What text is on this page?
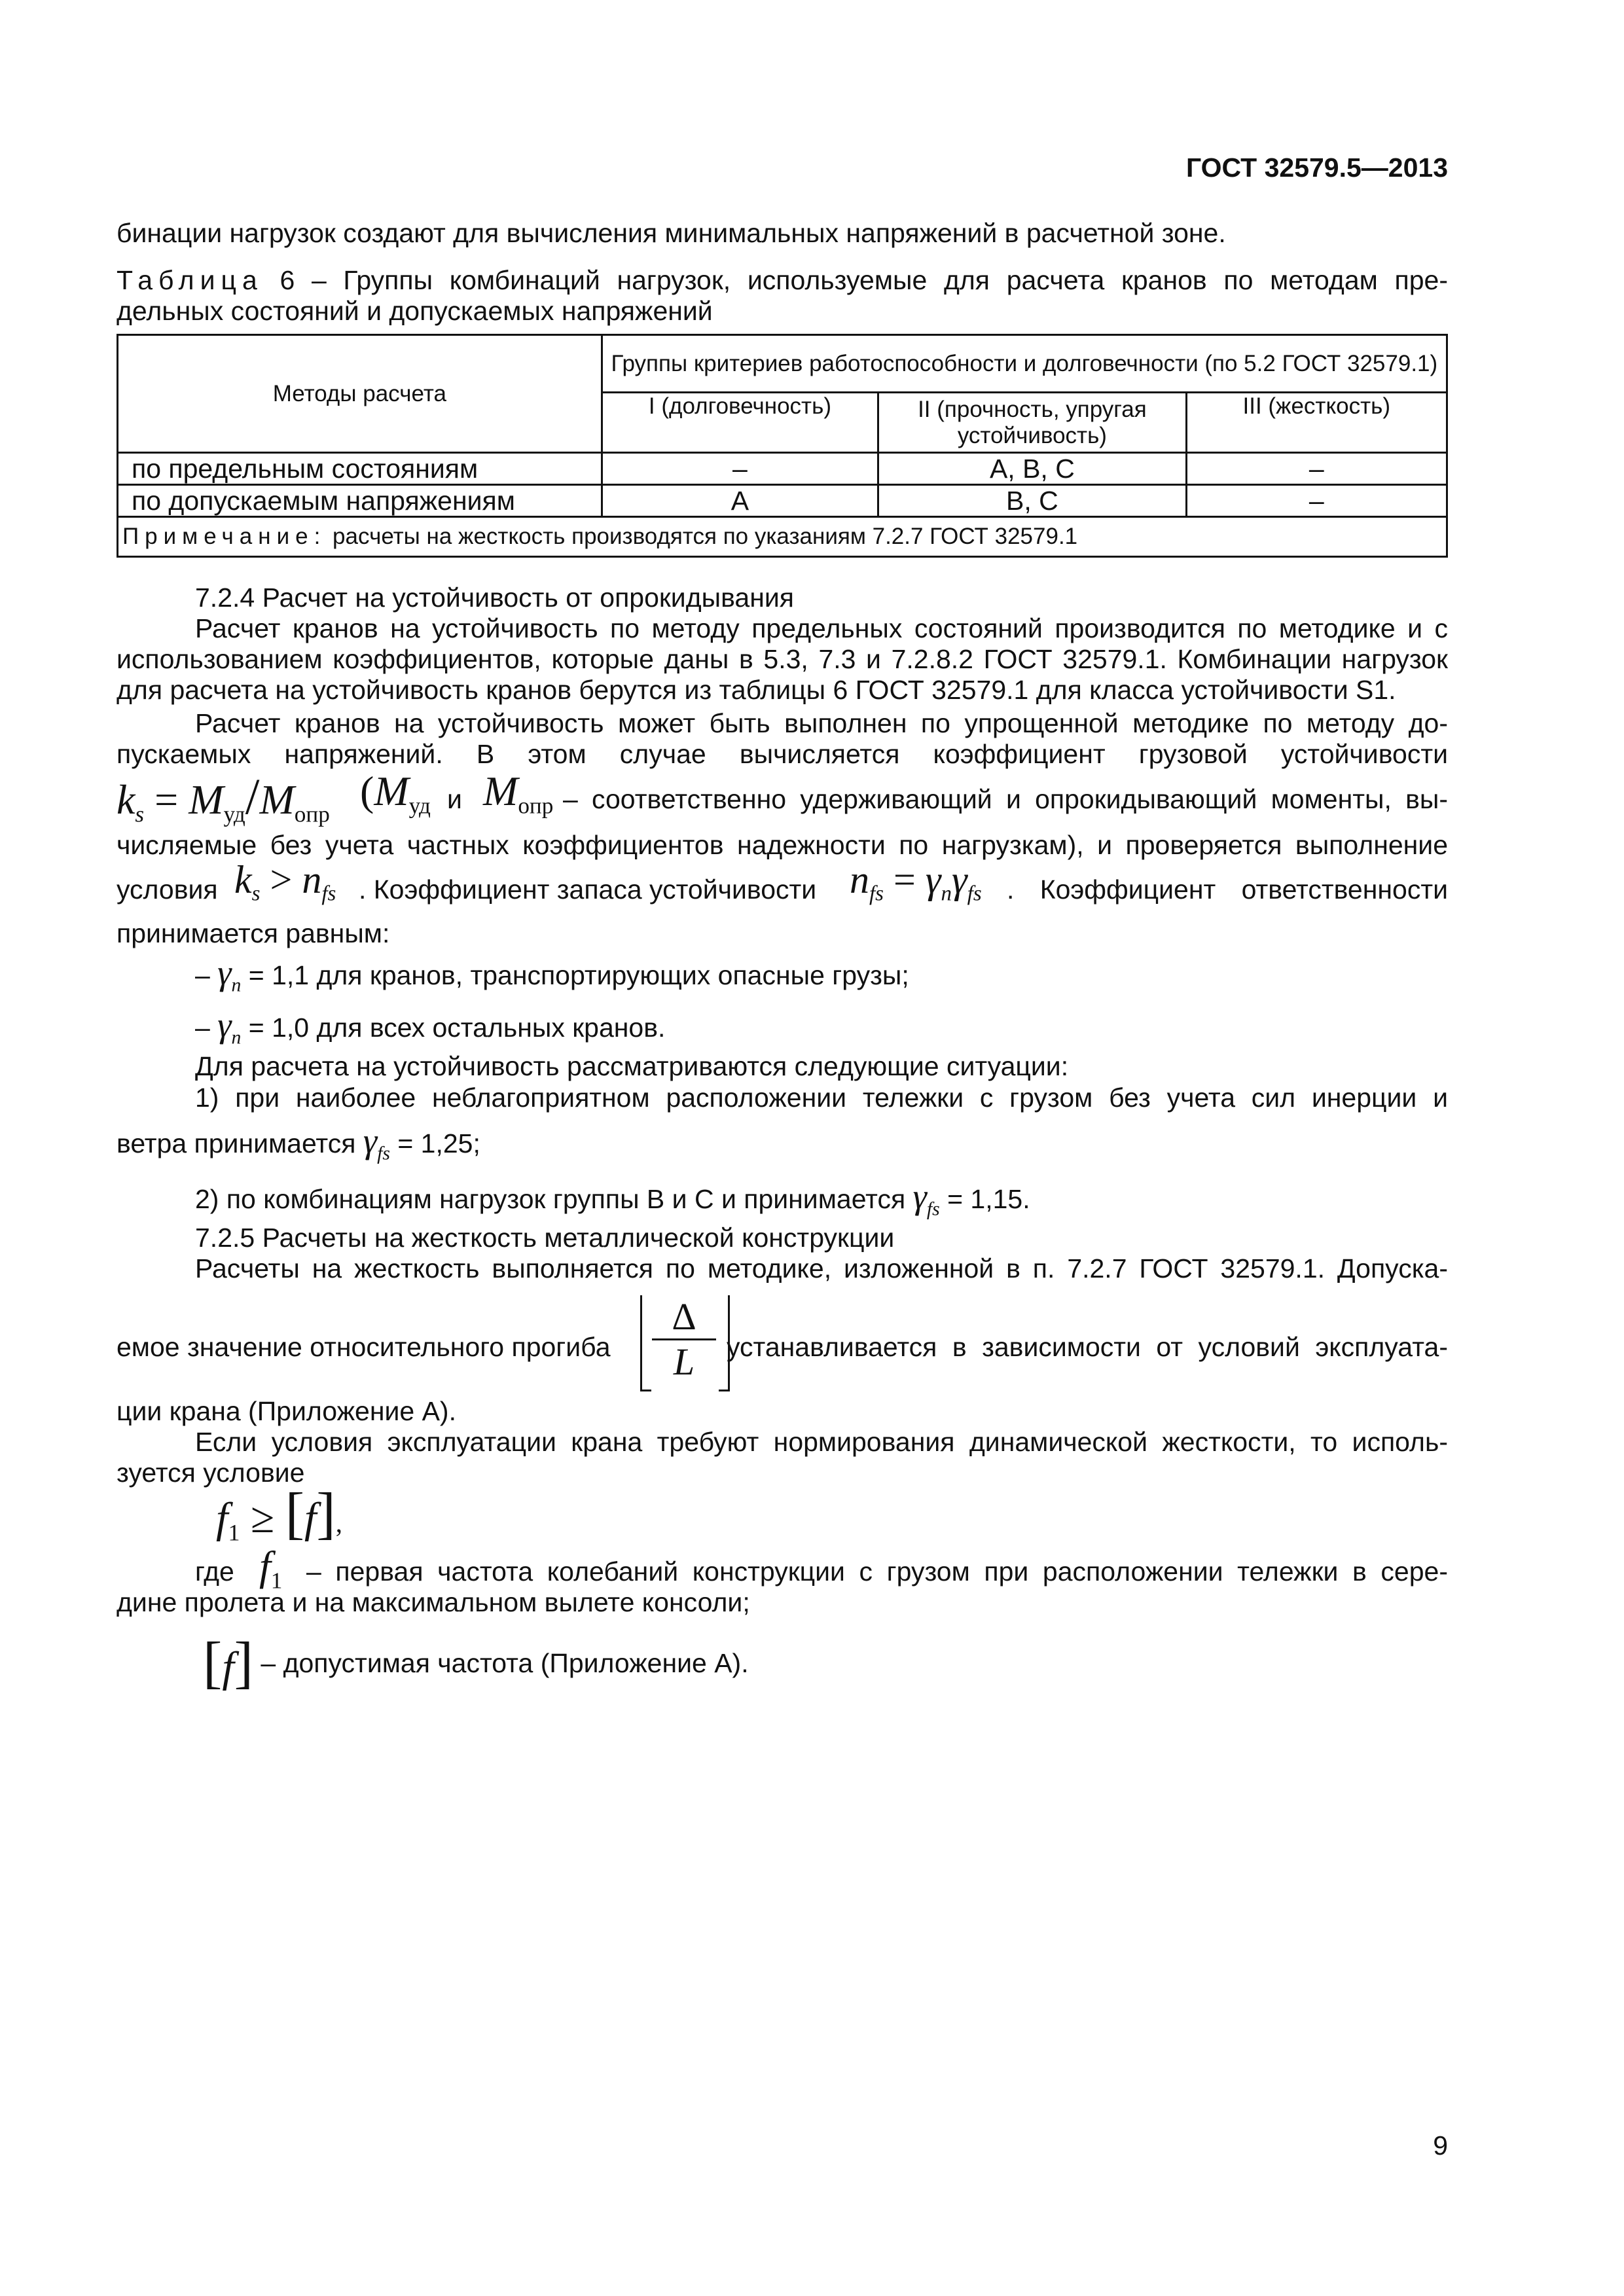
ГОСТ 32579.5—2013
бинации нагрузок создают для вычисления минимальных напряжений в расчетной зоне.
Таблица 6 – Группы комбинаций нагрузок, используемые для расчета кранов по методам пре-
дельных состояний и допускаемых напряжений
Методы расчета	Группы критериев работоспособности и долговечности (по 5.2 ГОСТ 32579.1)		
	I (долговечность)	II (прочность, упругая устойчивость)	III (жесткость)
по предельным состояниям	–	А, В, С	–
по допускаемым напряжениям	А	В, С	–
Примечание: расчеты на жесткость производятся по указаниям 7.2.7 ГОСТ 32579.1			
7.2.4 Расчет на устойчивость от опрокидывания
Расчет кранов на устойчивость по методу предельных состояний производится по методике и с
использованием коэффициентов, которые даны в 5.3, 7.3 и 7.2.8.2 ГОСТ 32579.1. Комбинации нагрузок
для расчета на устойчивость кранов берутся из таблицы 6 ГОСТ 32579.1 для класса устойчивости S1.
Расчет кранов на устойчивость может быть выполнен по упрощенной методике по методу до-
пускаемых напряжений. В этом случае вычисляется коэффициент грузовой устойчивости
$k_s = M_{уд}/M_{опр}$ ($M_{уд}$ и $M_{опр}$ – соответственно удерживающий и опрокидывающий моменты, вы-
числяемые без учета частных коэффициентов надежности по нагрузкам), и проверяется выполнение
условия $k_s > n_{fs}$ . Коэффициент запаса устойчивости $n_{fs} = \gamma_n\gamma_{fs}$ . Коэффициент ответственности
принимается равным:
– $\gamma_n = 1,1$ для кранов, транспортирующих опасные грузы;
– $\gamma_n = 1,0$ для всех остальных кранов.
Для расчета на устойчивость рассматриваются следующие ситуации:
1) при наиболее неблагоприятном расположении тележки с грузом без учета сил инерции и
ветра принимается $\gamma_{fs} = 1,25$;
2) по комбинациям нагрузок группы В и С и принимается $\gamma_{fs} = 1,15$.
7.2.5 Расчеты на жесткость металлической конструкции
Расчеты на жесткость выполняется по методике, изложенной в п. 7.2.7 ГОСТ 32579.1. Допуска-
емое значение относительного прогиба
Δ
L	устанавливается в зависимости от условий эксплуата-
ции крана (Приложение А).
Если условия эксплуатации крана требуют нормирования динамической жесткости, то исполь-
зуется условие
$f_1 \ge [f]$,
где $f_1$ – первая частота колебаний конструкции с грузом при расположении тележки в сере-
дине пролета и на максимальном вылете консоли;
[f] – допустимая частота (Приложение А).
9
